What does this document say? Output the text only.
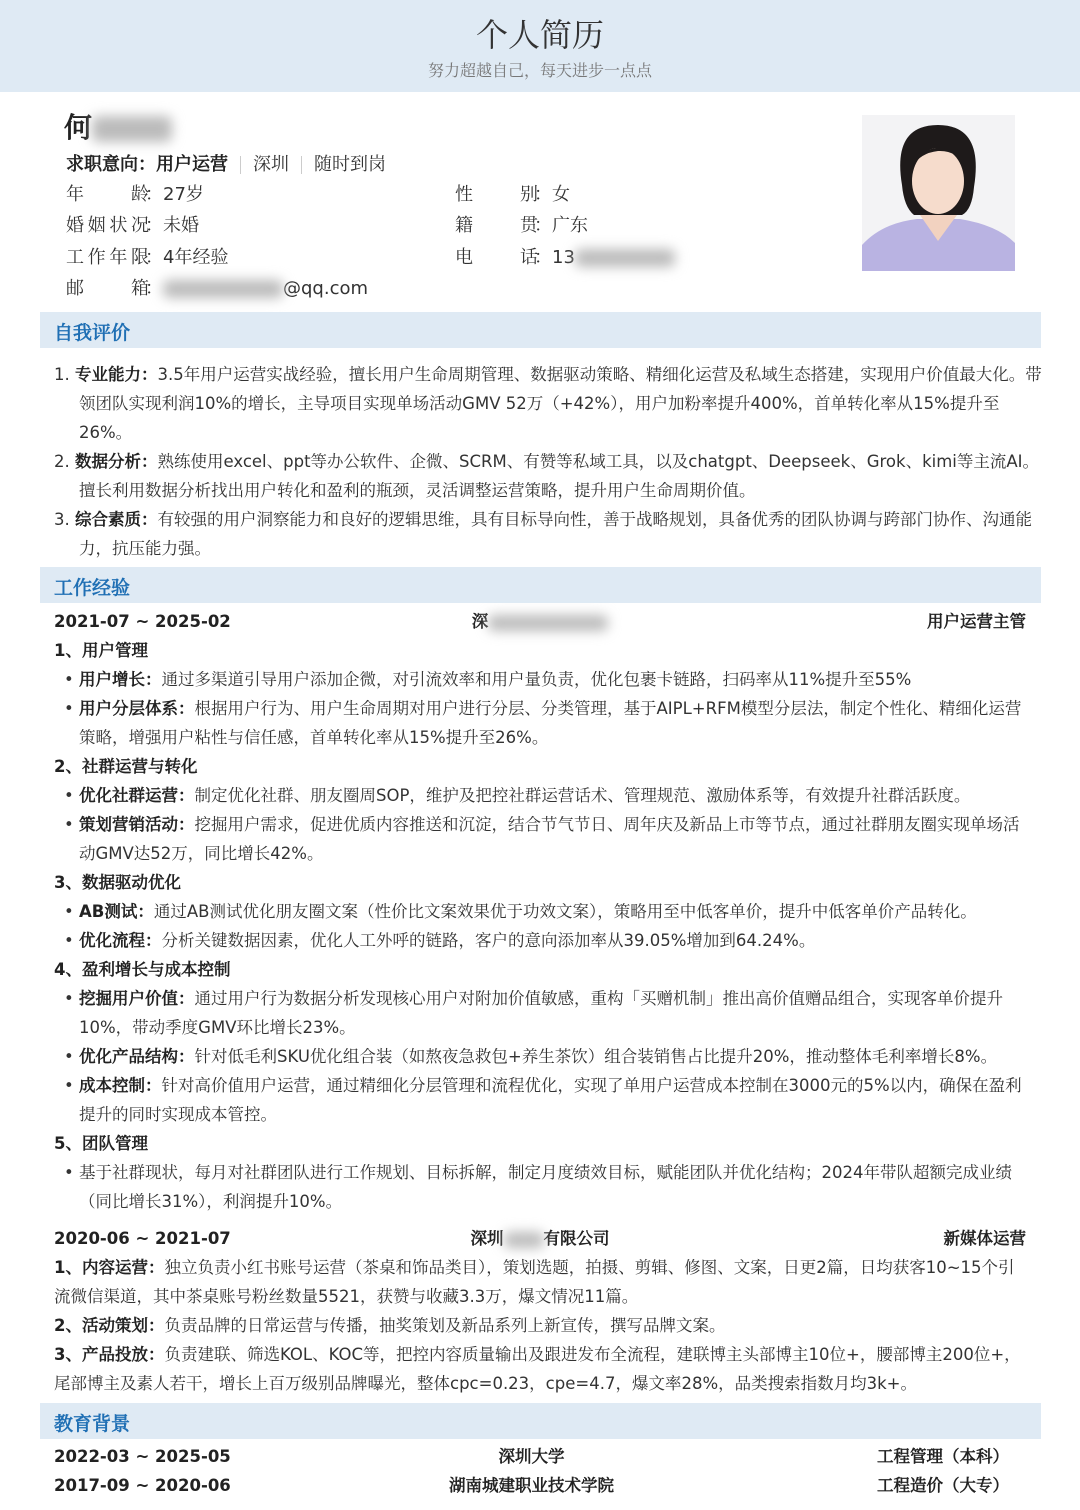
个人简历
努力超越自己，每天进步一点点
何
求职意向：用户运营 深圳 随时到岗
年龄 ： 27岁	性别 ： 女
婚姻状况 ： 未婚	籍贯 ： 广东
工作年限 ： 4年经验	电话 ： 13
邮箱 ：	@qq.com
自我评价
1. 专业能力：3.5年用户运营实战经验，擅长用户生命周期管理、数据驱动策略、精细化运营及私域生态搭建，实现用户价值最大化。带领团队实现利润10%的增长，主导项目实现单场活动GMV 52万（+42%），用户加粉率提升400%，首单转化率从15%提升至26%。
2. 数据分析：熟练使用excel、ppt等办公软件、企微、SCRM、有赞等私域工具，以及chatgpt、Deepseek、Grok、kimi等主流AI。擅长利用数据分析找出用户转化和盈利的瓶颈，灵活调整运营策略，提升用户生命周期价值。
3. 综合素质：有较强的用户洞察能力和良好的逻辑思维，具有目标导向性，善于战略规划，具备优秀的团队协调与跨部门协作、沟通能力，抗压能力强。
工作经验
2021-07 ~ 2025-02	深	用户运营主管
1、用户管理
• 用户增长：通过多渠道引导用户添加企微，对引流效率和用户量负责，优化包裹卡链路，扫码率从11%提升至55%
• 用户分层体系：根据用户行为、用户生命周期对用户进行分层、分类管理，基于AIPL+RFM模型分层法，制定个性化、精细化运营策略，增强用户粘性与信任感，首单转化率从15%提升至26%。
2、社群运营与转化
• 优化社群运营：制定优化社群、朋友圈周SOP，维护及把控社群运营话术、管理规范、激励体系等，有效提升社群活跃度。
• 策划营销活动：挖掘用户需求，促进优质内容推送和沉淀，结合节气节日、周年庆及新品上市等节点，通过社群朋友圈实现单场活动GMV达52万，同比增长42%。
3、数据驱动优化
• AB测试：通过AB测试优化朋友圈文案（性价比文案效果优于功效文案），策略用至中低客单价，提升中低客单价产品转化。
• 优化流程：分析关键数据因素，优化人工外呼的链路，客户的意向添加率从39.05%增加到64.24%。
4、盈利增长与成本控制
• 挖掘用户价值：通过用户行为数据分析发现核心用户对附加价值敏感，重构「买赠机制」推出高价值赠品组合，实现客单价提升10%，带动季度GMV环比增长23%。
• 优化产品结构：针对低毛利SKU优化组合装（如熬夜急救包+养生茶饮）组合装销售占比提升20%，推动整体毛利率增长8%。
• 成本控制：针对高价值用户运营，通过精细化分层管理和流程优化，实现了单用户运营成本控制在3000元的5%以内，确保在盈利提升的同时实现成本管控。
5、团队管理
• 基于社群现状，每月对社群团队进行工作规划、目标拆解，制定月度绩效目标，赋能团队并优化结构；2024年带队超额完成业绩（同比增长31%），利润提升10%。
2020-06 ~ 2021-07	深圳 有限公司	新媒体运营
1、内容运营：独立负责小红书账号运营（茶桌和饰品类目），策划选题，拍摄、剪辑、修图、文案，日更2篇，日均获客10~15个引流微信渠道，其中茶桌账号粉丝数量5521，获赞与收藏3.3万，爆文情况11篇。
2、活动策划：负责品牌的日常运营与传播，抽奖策划及新品系列上新宣传，撰写品牌文案。
3、产品投放：负责建联、筛选KOL、KOC等，把控内容质量输出及跟进发布全流程，建联博主头部博主10位+，腰部博主200位+，尾部博主及素人若干，增长上百万级别品牌曝光，整体cpc=0.23，cpe=4.7，爆文率28%，品类搜索指数月均3k+。
教育背景
2022-03 ~ 2025-05	深圳大学	工程管理（本科）
2017-09 ~ 2020-06	湖南城建职业技术学院	工程造价（大专）
